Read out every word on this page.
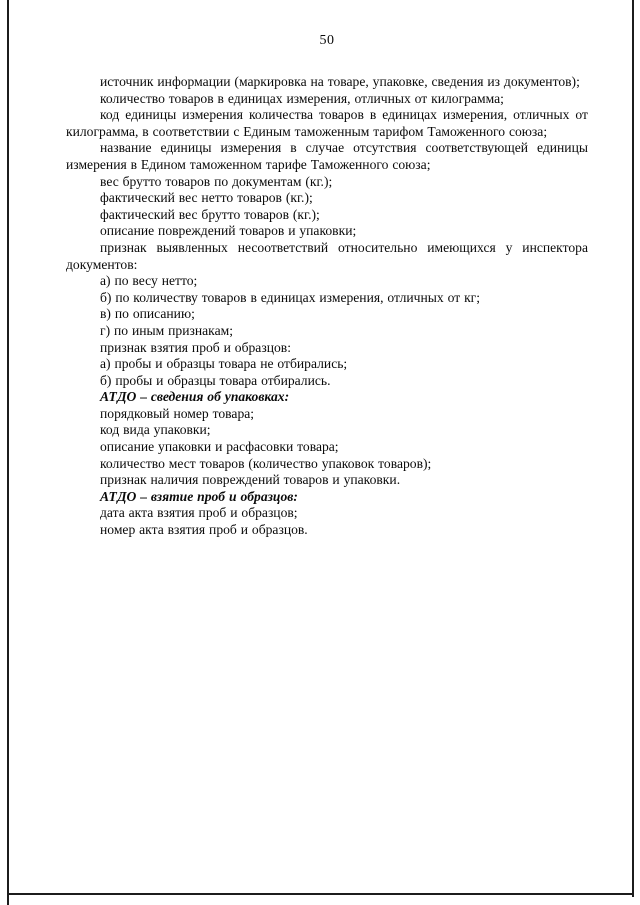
50

источник информации (маркировка на товаре, упаковке, сведения из документов);

количество товаров в единицах измерения, отличных от килограмма;

код единицы измерения количества товаров в единицах измерения, отличных от килограмма, в соответствии с Единым таможенным тарифом Таможенного союза;

название единицы измерения в случае отсутствия соответствующей единицы измерения в Едином таможенном тарифе Таможенного союза;

вес брутто товаров по документам (кг.);

фактический вес нетто товаров (кг.);

фактический вес брутто товаров (кг.);

описание повреждений товаров и упаковки;

признак выявленных несоответствий относительно имеющихся у инспектора документов:

а) по весу нетто;

б) по количеству товаров в единицах измерения, отличных от кг;

в) по описанию;

г) по иным признакам;

признак взятия проб и образцов:

а) пробы и образцы товара не отбирались;

б) пробы и образцы товара отбирались.

АТДО – сведения об упаковках:

порядковый номер товара;

код вида упаковки;

описание упаковки и расфасовки товара;

количество мест товаров (количество упаковок товаров);

признак наличия повреждений товаров и упаковки.

АТДО – взятие проб и образцов:

дата акта взятия проб и образцов;

номер акта взятия проб и образцов.
